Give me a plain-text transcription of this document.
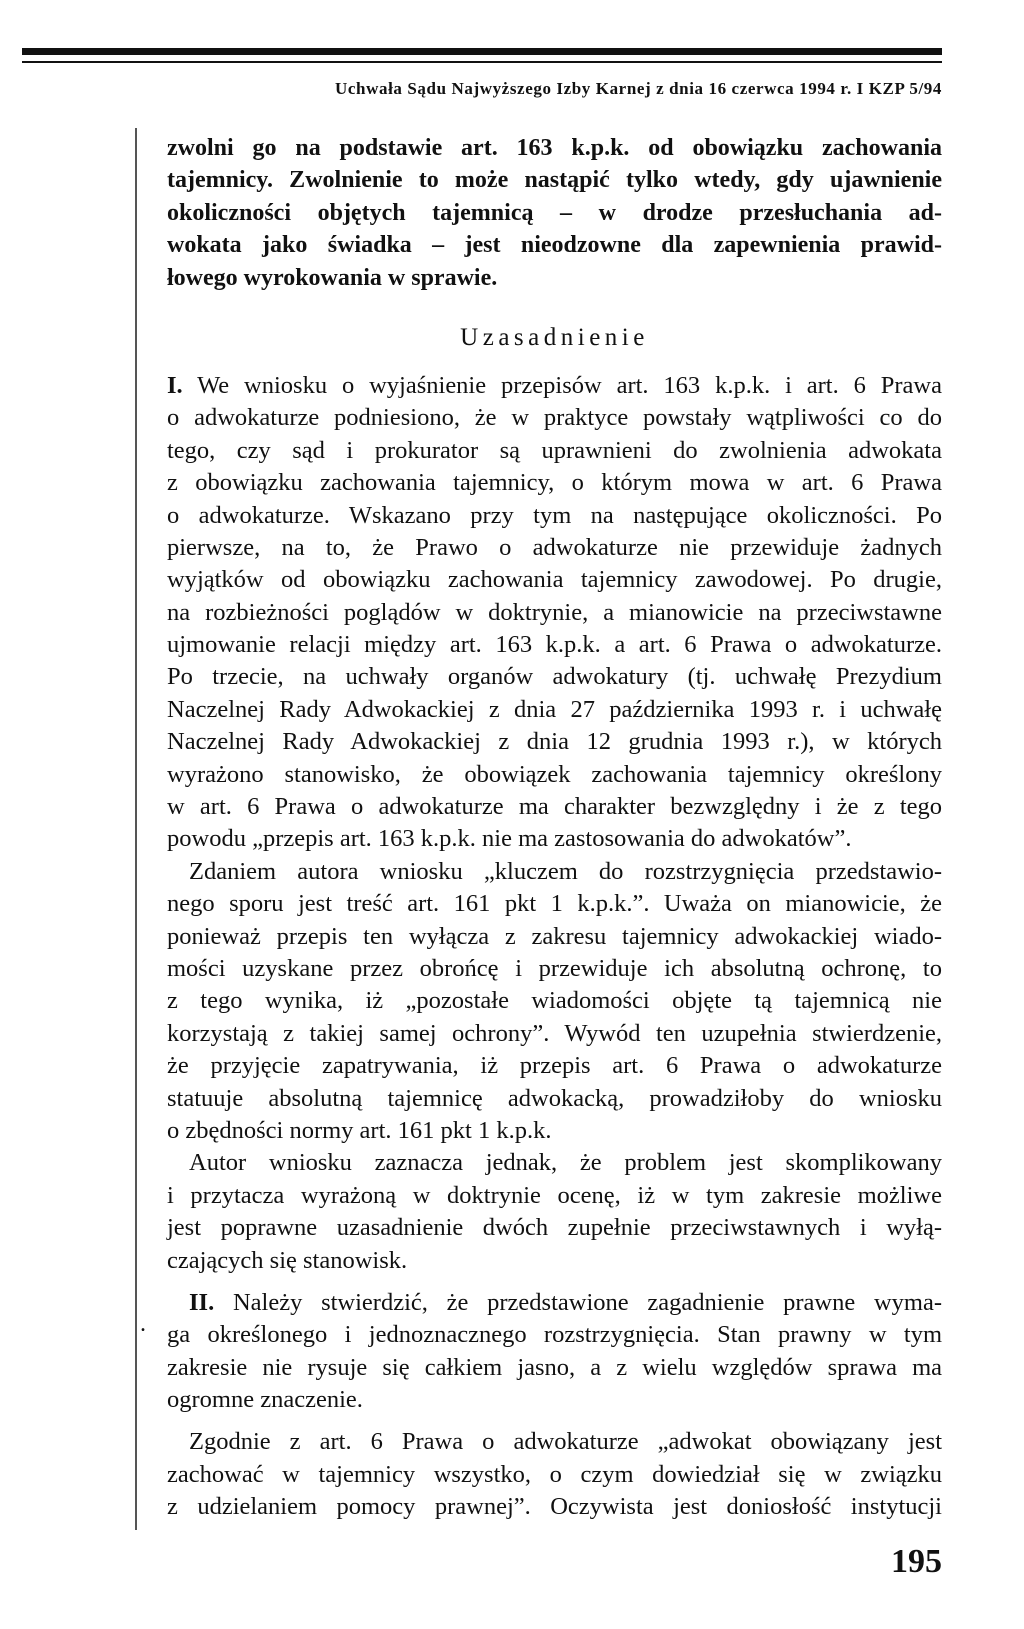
Uchwała Sądu Najwyższego Izby Karnej z dnia 16 czerwca 1994 r. I KZP 5/94
.
zwolni go na podstawie art. 163 k.p.k. od obowiązku zachowania
tajemnicy. Zwolnienie to może nastąpić tylko wtedy, gdy ujawnienie
okoliczności objętych tajemnicą – w drodze przesłuchania ad-
wokata jako świadka – jest nieodzowne dla zapewnienia prawid-
łowego wyrokowania w sprawie.
Uzasadnienie
I. We wniosku o wyjaśnienie przepisów art. 163 k.p.k. i art. 6 Prawa
o adwokaturze podniesiono, że w praktyce powstały wątpliwości co do
tego, czy sąd i prokurator są uprawnieni do zwolnienia adwokata
z obowiązku zachowania tajemnicy, o którym mowa w art. 6 Prawa
o adwokaturze. Wskazano przy tym na następujące okoliczności. Po
pierwsze, na to, że Prawo o adwokaturze nie przewiduje żadnych
wyjątków od obowiązku zachowania tajemnicy zawodowej. Po drugie,
na rozbieżności poglądów w doktrynie, a mianowicie na przeciwstawne
ujmowanie relacji między art. 163 k.p.k. a art. 6 Prawa o adwokaturze.
Po trzecie, na uchwały organów adwokatury (tj. uchwałę Prezydium
Naczelnej Rady Adwokackiej z dnia 27 października 1993 r. i uchwałę
Naczelnej Rady Adwokackiej z dnia 12 grudnia 1993 r.), w których
wyrażono stanowisko, że obowiązek zachowania tajemnicy określony
w art. 6 Prawa o adwokaturze ma charakter bezwzględny i że z tego
powodu „przepis art. 163 k.p.k. nie ma zastosowania do adwokatów”.
Zdaniem autora wniosku „kluczem do rozstrzygnięcia przedstawio-
nego sporu jest treść art. 161 pkt 1 k.p.k.”. Uważa on mianowicie, że
ponieważ przepis ten wyłącza z zakresu tajemnicy adwokackiej wiado-
mości uzyskane przez obrońcę i przewiduje ich absolutną ochronę, to
z tego wynika, iż „pozostałe wiadomości objęte tą tajemnicą nie
korzystają z takiej samej ochrony”. Wywód ten uzupełnia stwierdzenie,
że przyjęcie zapatrywania, iż przepis art. 6 Prawa o adwokaturze
statuuje absolutną tajemnicę adwokacką, prowadziłoby do wniosku
o zbędności normy art. 161 pkt 1 k.p.k.
Autor wniosku zaznacza jednak, że problem jest skomplikowany
i przytacza wyrażoną w doktrynie ocenę, iż w tym zakresie możliwe
jest poprawne uzasadnienie dwóch zupełnie przeciwstawnych i wyłą-
czających się stanowisk.
II. Należy stwierdzić, że przedstawione zagadnienie prawne wyma-
ga określonego i jednoznacznego rozstrzygnięcia. Stan prawny w tym
zakresie nie rysuje się całkiem jasno, a z wielu względów sprawa ma
ogromne znaczenie.
Zgodnie z art. 6 Prawa o adwokaturze „adwokat obowiązany jest
zachować w tajemnicy wszystko, o czym dowiedział się w związku
z udzielaniem pomocy prawnej”. Oczywista jest doniosłość instytucji
195
